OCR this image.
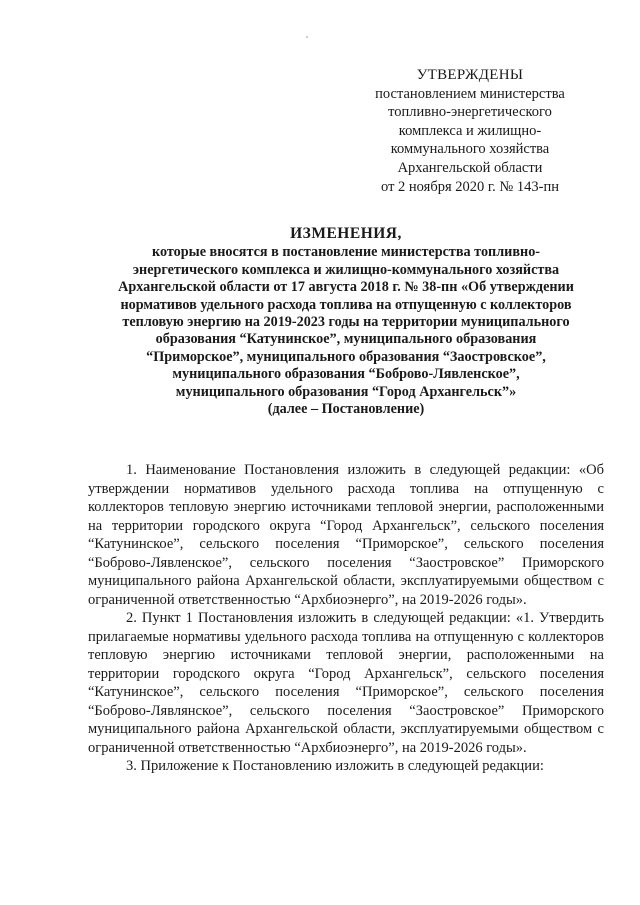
УТВЕРЖДЕНЫ
постановлением министерства
топливно-энергетического
комплекса и жилищно-
коммунального хозяйства
Архангельской области
от 2 ноября 2020 г. № 143-пн
ИЗМЕНЕНИЯ,
которые вносятся в постановление министерства топливно-
энергетического комплекса и жилищно-коммунального хозяйства
Архангельской области от 17 августа 2018 г. № 38-пн «Об утверждении
нормативов удельного расхода топлива на отпущенную с коллекторов
тепловую энергию на 2019-2023 годы на территории муниципального
образования “Катунинское”, муниципального образования
“Приморское”, муниципального образования “Заостровское”,
муниципального образования “Боброво-Лявленское”,
муниципального образования “Город Архангельск”»
(далее – Постановление)

1. Наименование Постановления изложить в следующей редакции: «Об утверждении нормативов удельного расхода топлива на отпущенную с коллекторов тепловую энергию источниками тепловой энергии, расположенными на территории городского округа “Город Архангельск”, сельского поселения “Катунинское”, сельского поселения “Приморское”, сельского поселения “Боброво-Лявленское”, сельского поселения “Заостровское” Приморского муниципального района Архангельской области, эксплуатируемыми обществом с ограниченной ответственностью “Архбиоэнерго”, на 2019-2026 годы».

2. Пункт 1 Постановления изложить в следующей редакции: «1. Утвердить прилагаемые нормативы удельного расхода топлива на отпущенную с коллекторов тепловую энергию источниками тепловой энергии, расположенными на территории городского округа “Город Архангельск”, сельского поселения “Катунинское”, сельского поселения “Приморское”, сельского поселения “Боброво-Лявлянское”, сельского поселения “Заостровское” Приморского муниципального района Архангельской области, эксплуатируемыми обществом с ограниченной ответственностью “Архбиоэнерго”, на 2019-2026 годы».

3. Приложение к Постановлению изложить в следующей редакции:
